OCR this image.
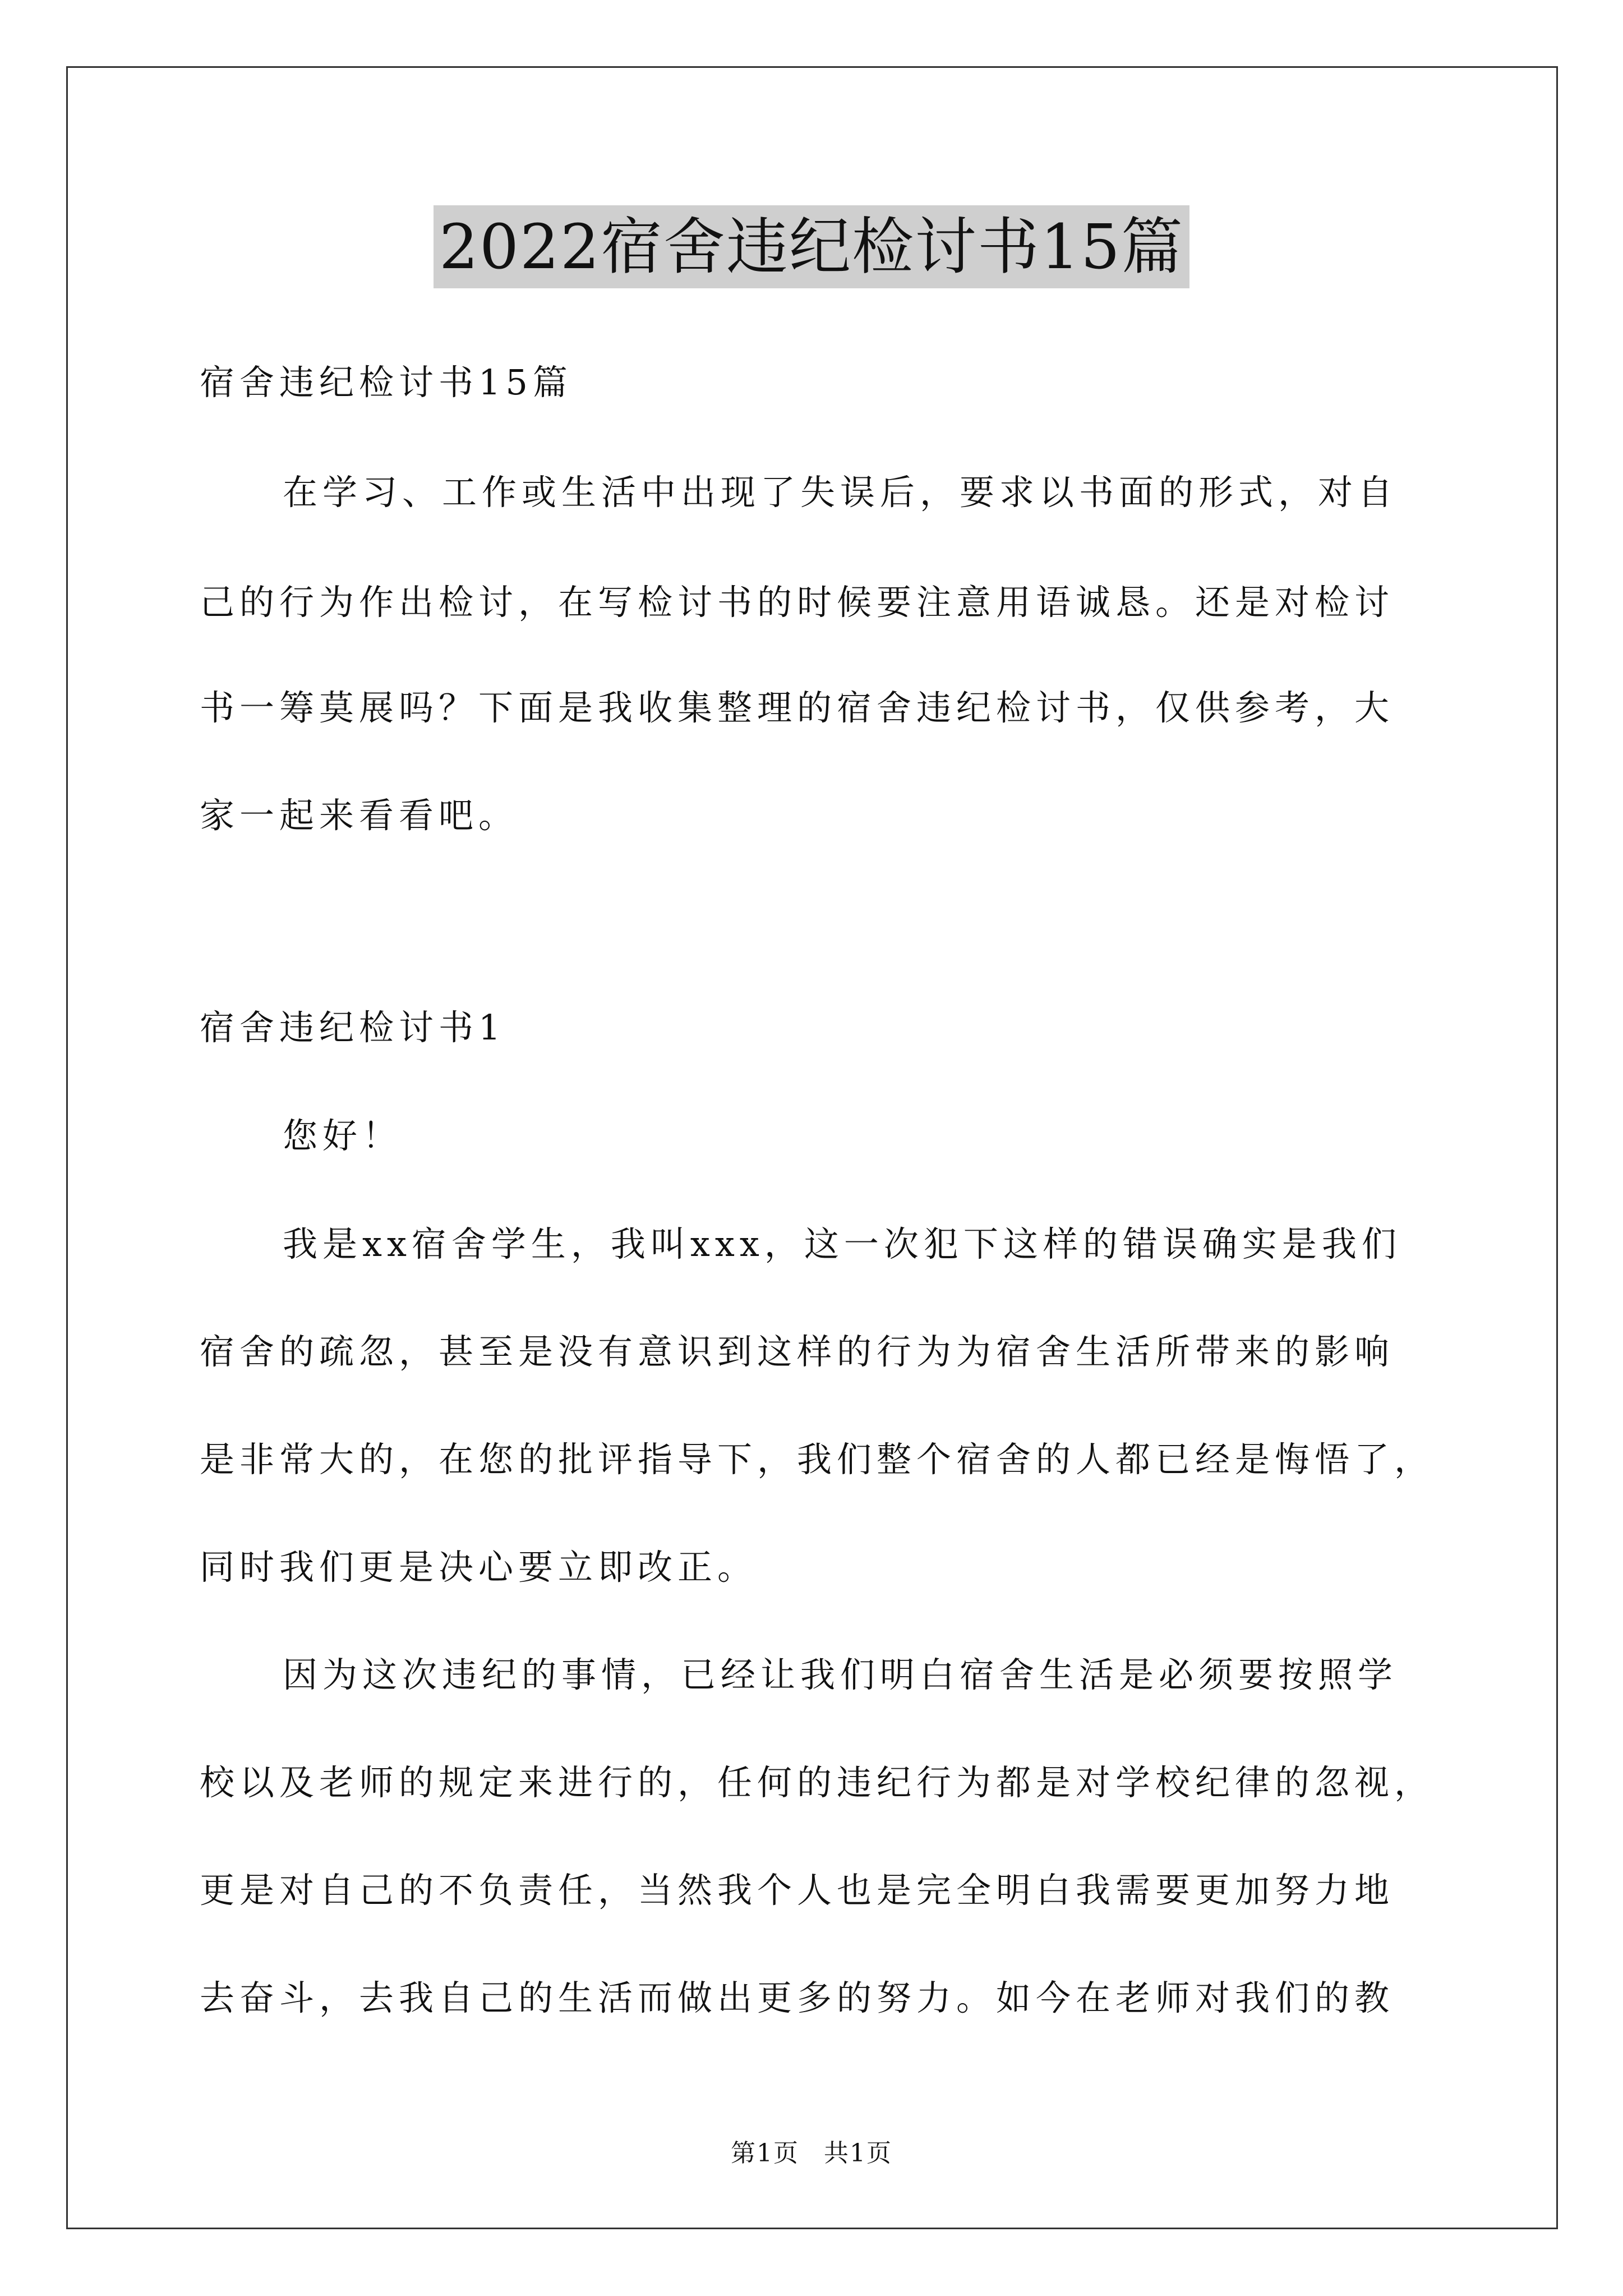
2022宿舍违纪检讨书15篇
宿舍违纪检讨书15篇
在学习、工作或生活中出现了失误后，要求以书面的形式，对自
己的行为作出检讨，在写检讨书的时候要注意用语诚恳。还是对检讨
书一筹莫展吗？下面是我收集整理的宿舍违纪检讨书，仅供参考，大
家一起来看看吧。
宿舍违纪检讨书1
您好！
我是xx宿舍学生，我叫xxx，这一次犯下这样的错误确实是我们
宿舍的疏忽，甚至是没有意识到这样的行为为宿舍生活所带来的影响
是非常大的，在您的批评指导下，我们整个宿舍的人都已经是悔悟了，
同时我们更是决心要立即改正。
因为这次违纪的事情，已经让我们明白宿舍生活是必须要按照学
校以及老师的规定来进行的，任何的违纪行为都是对学校纪律的忽视，
更是对自己的不负责任，当然我个人也是完全明白我需要更加努力地
去奋斗，去我自己的生活而做出更多的努力。如今在老师对我们的教
第1页 共1页
